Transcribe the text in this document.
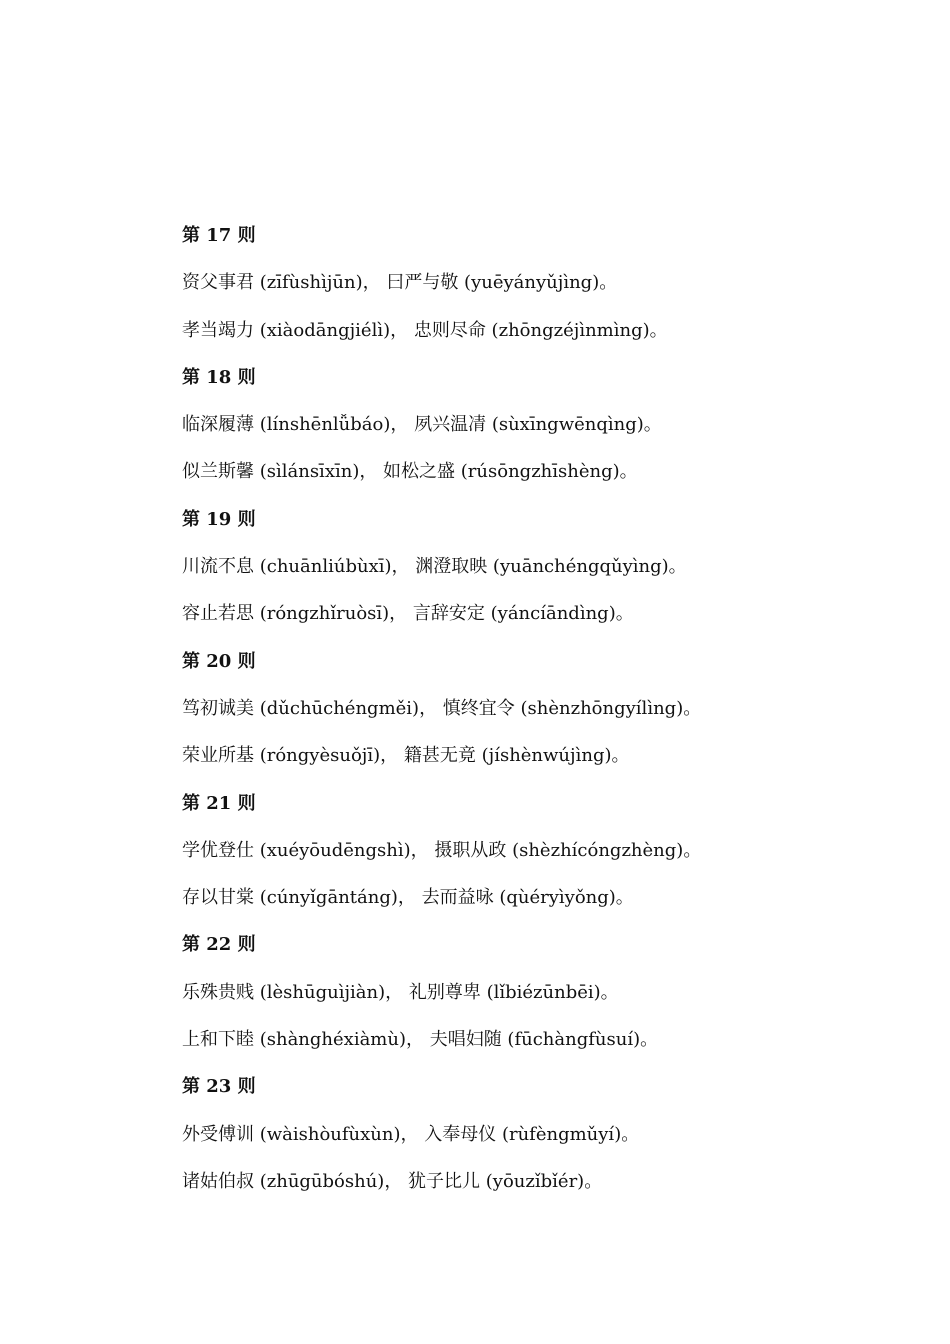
第 17 则
资父事君 (zīfùshìjūn)， 曰严与敬 (yuēyányǔjìng)。
孝当竭力 (xiàodāngjiélì)， 忠则尽命 (zhōngzéjìnmìng)。
第 18 则
临深履薄 (línshēnlǚbáo)， 夙兴温凊 (sùxīngwēnqìng)。
似兰斯馨 (sìlánsīxīn)， 如松之盛 (rúsōngzhīshèng)。
第 19 则
川流不息 (chuānliúbùxī)， 渊澄取映 (yuānchéngqǔyìng)。
容止若思 (róngzhǐruòsī)， 言辞安定 (yáncíāndìng)。
第 20 则
笃初诚美 (dǔchūchéngměi)， 慎终宜令 (shènzhōngyílìng)。
荣业所基 (róngyèsuǒjī)， 籍甚无竟 (jíshènwújìng)。
第 21 则
学优登仕 (xuéyōudēngshì)， 摄职从政 (shèzhícóngzhèng)。
存以甘棠 (cúnyǐgāntáng)， 去而益咏 (qùéryìyǒng)。
第 22 则
乐殊贵贱 (lèshūguìjiàn)， 礼别尊卑 (lǐbiézūnbēi)。
上和下睦 (shànghéxiàmù)， 夫唱妇随 (fūchàngfùsuí)。
第 23 则
外受傅训 (wàishòufùxùn)， 入奉母仪 (rùfèngmǔyí)。
诸姑伯叔 (zhūgūbóshú)， 犹子比儿 (yōuzǐbǐér)。
